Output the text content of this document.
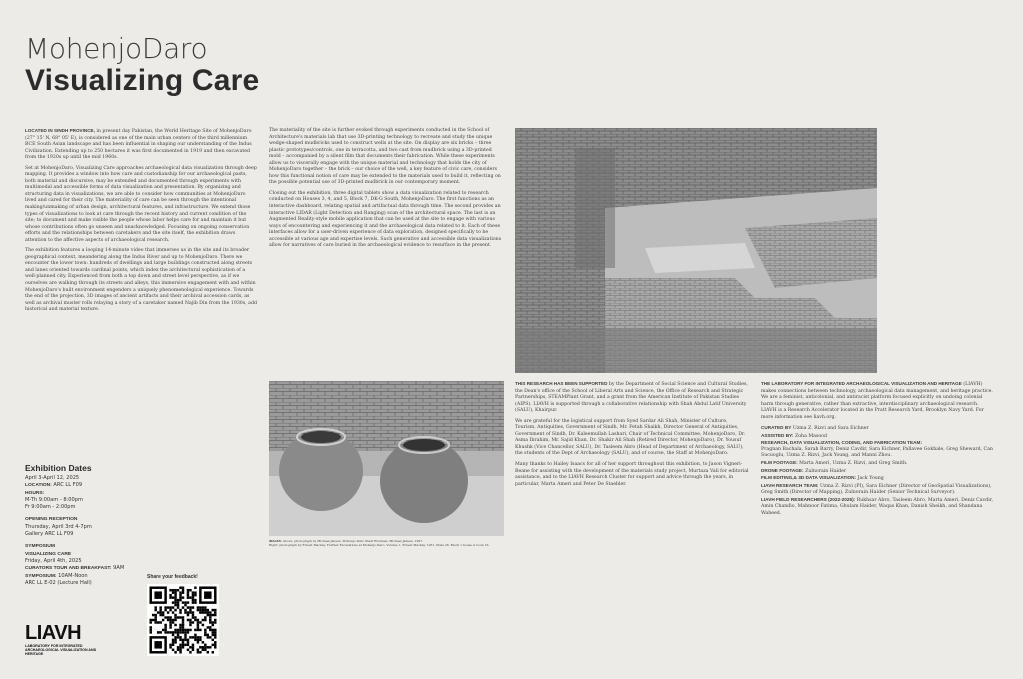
MohenjoDaro
Visualizing Care

LOCATED IN SINDH PROVINCE, in present day Pakistan, the World Heritage Site of MohenjoDaro (27° 15' N, 68° 05' E), is considered as one of the main urban centers of the third millennium BCE South Asian landscape and has been influential in shaping our understanding of the Indus Civilization. Extending up to 250 hectares it was first documented in 1919 and then excavated from the 1920s up until the mid 1960s.

Set at MohenjoDaro, Visualizing Care approaches archaeological data visualization through deep mapping. It provides a window into how care and custodianship for our archaeological pasts, both material and discursive, may be extended and documented through experiments with multimodal and accessible forms of data visualization and presentation. By organizing and structuring data in visualizations, we are able to consider how communities at MohenjoDaro lived and cared for their city. The materiality of care can be seen through the intentional making/unmaking of urban design, architectural features, and infrastructure. We extend those types of visualizations to look at care through the recent history and current condition of the site; to document and make visible the people whose labor helps care for and maintain it but whose contributions often go unseen and unacknowledged. Focusing on ongoing conservation efforts and the relationships between caretakers and the site itself, the exhibition draws attention to the affective aspects of archaeological research.

The exhibition features a looping 14-minute video that immerses us in the site and its broader geographical context, meandering along the Indus River and up to MohenjoDaro. There we encounter the lower town: hundreds of dwellings and large buildings constructed along streets and lanes oriented towards cardinal points, which index the architectural sophistication of a well-planned city. Experienced from both a top down and street level perspective, as if we ourselves are walking through its streets and alleys, this immersive engagement with and within MohenjoDaro's built environment engenders a uniquely phenomenological experience. Towards the end of the projection, 3D images of ancient artifacts and their archival accession cards, as well as archival muster rolls relaying a story of a caretaker named Najib Din from the 1930s, add historical and material texture.

The materiality of the site is further evoked through experiments conducted in the School of Architecture's materials lab that use 3D-printing technology to recreate and study the unique wedge-shaped mudbricks used to construct wells at the site. On display are six bricks – three plastic prototypes/controls, one in terracotta, and two cast from mudbrick using a 3D-printed mold – accompanied by a silent film that documents their fabrication. While these experiments allow us to viscerally engage with the unique material and technology that holds the city of MohenjoDaro together – the brick – our choice of the well, a key feature of civic care, considers how this functional notion of care may be extended to the materials used to build it, reflecting on the possible potential use of 3D-printed mudbrick in our contemporary moment.

Closing out the exhibition, three digital tablets show a data visualization related to research conducted on Houses 3, 4, and 5, Block 7, DK-G South, MohenjoDaro. The first functions as an interactive dashboard, relating spatial and artifactual data through time. The second provides an interactive LIDAR (Light Detection and Ranging) scan of the architectural space. The last is an Augmented Reality-style mobile application that can be used at the site to engage with various ways of encountering and experiencing it and the archaeological data related to it. Each of these interfaces allow for a user-driven experience of data exploration, designed specifically to be accessible at various age and expertise levels. Such generative and accessible data visualizations allow for narratives of care buried in the archaeological evidence to resurface in the present.

IMAGES: Above: photograph by Michael Jansen, Mohenjo-Daro Stadt Brunnen, Michael Jansen, 1997.
Right: photograph by Ernest Mackay, Further Excavations at Mohenjo-Daro, Volume 1, Ernest Mackay, 1931, Plate 26, Block 1 house 4 room 16.

THIS RESEARCH HAS BEEN SUPPORTED by the Department of Social Science and Cultural Studies, the Dean's office of the School of Liberal Arts and Science, the Office of Research and Strategic Partnerships, STEAMPlant Grant, and a grant from the American Institute of Pakistan Studies (AIPS). LIAVH is supported through a collaborative relationship with Shah Abdul Latif University (SALU), Khairpur.

We are grateful for the logistical support from Syed Sardar Ali Shah, Minister of Culture, Tourism, Antiquities, Government of Sindh, Mr. Fetah Shaikh, Director General of Antiquities, Government of Sindh, Dr. Kaleemullah Lashari, Chair of Technical Committee, MohenjoDaro, Dr. Asma Ibrahim, Mr. Sajid Khan, Dr. Shakir Ali Shah (Retired Director, MohenjoDaro), Dr. Yousuf Khushk (Vice Chancellor, SALU), Dr. Tasleem Abro (Head of Department of Archaeology, SALU), the students of the Dept of Archaeology (SALU), and of course, the Staff at MohenjoDaro.

Many thanks to Hailey Isaacs for all of her support throughout this exhibition, to Jason Vigneri-Beane for assisting with the development of the materials study project, Murtaza Vali for editorial assistance, and to the LIAVH Research Cluster for support and advice through the years, in particular, Marta Ameri and Peter De Staebler.

THE LABORATORY FOR INTEGRATED ARCHAEOLOGICAL VISUALIZATION AND HERITAGE (LIAVH) makes connections between technology, archaeological data management, and heritage practice. We are a feminist, anticolonial, and antiracist platform focused explicitly on undoing colonial harm through generative, rather than extractive, interdisciplinary archaeological research. LIAVH is a Research Accelerator located in the Pratt Research Yard, Brooklyn Navy Yard. For more information see liavh.org.

CURATED BY Uzma Z. Rizvi and Sara Eichner
ASSISTED BY: Zoha Masood
RESEARCH, DATA VISUALIZATION, CODING, AND FABRICATION TEAM:
Pragnan Bachala, Sarah Barry, Deniz Cavdir, Sara Eichner, Pallavee Gokhale, Greg Sheward, Can Sucuoglu, Uzma Z. Rizvi, Jack Young, and Manni Zhou.
FILM FOOTAGE: Marta Ameri, Uzma Z. Rizvi, and Greg Smith.
DRONE FOOTAGE: Zulnorain Haider
FILM EDITING,& 3D DATA VISUALIZATION: Jack Young
LIAVH RESEARCH TEAM: Uzma Z. Rizvi (PI), Sara Eichner (Director of GeoSpatial Visualizations), Greg Smith (Director of Mapping), Zulnorain Haider (Senior Technical Surveyor).
LIAVH FIELD RESEARCHERS (2022-2025): Rukhsar Abro, Tasleem Abro, Marta Ameri, Deniz Cavdir, Amin Chandio, Mahnoor Fatima, Ghulam Haider, Waqas Khan, Danish Sheikh, and Shandana Waheed.
Exhibition Dates
April 3-April 12, 2025
LOCATION: ARC LL F09
HOURS:
M-Th 9:00am - 8:00pm
Fr 9:00am - 2:00pm
OPENING RECEPTION
Thursday, April 3rd 4-7pm
Gallery ARC LL F09
SYMPOSIUM
VISUALIZING CARE
Friday, April 4th, 2025
CURATORS TOUR AND BREAKFAST: 9AM
SYMPOSIUM: 10AM-Noon
ARC LL E-02 (Lecture Hall)
LIAVH
LABORATORY FOR INTEGRATED ARCHAEOLOGICAL VISUALIZATION AND HERITAGE
Share your feedback!
